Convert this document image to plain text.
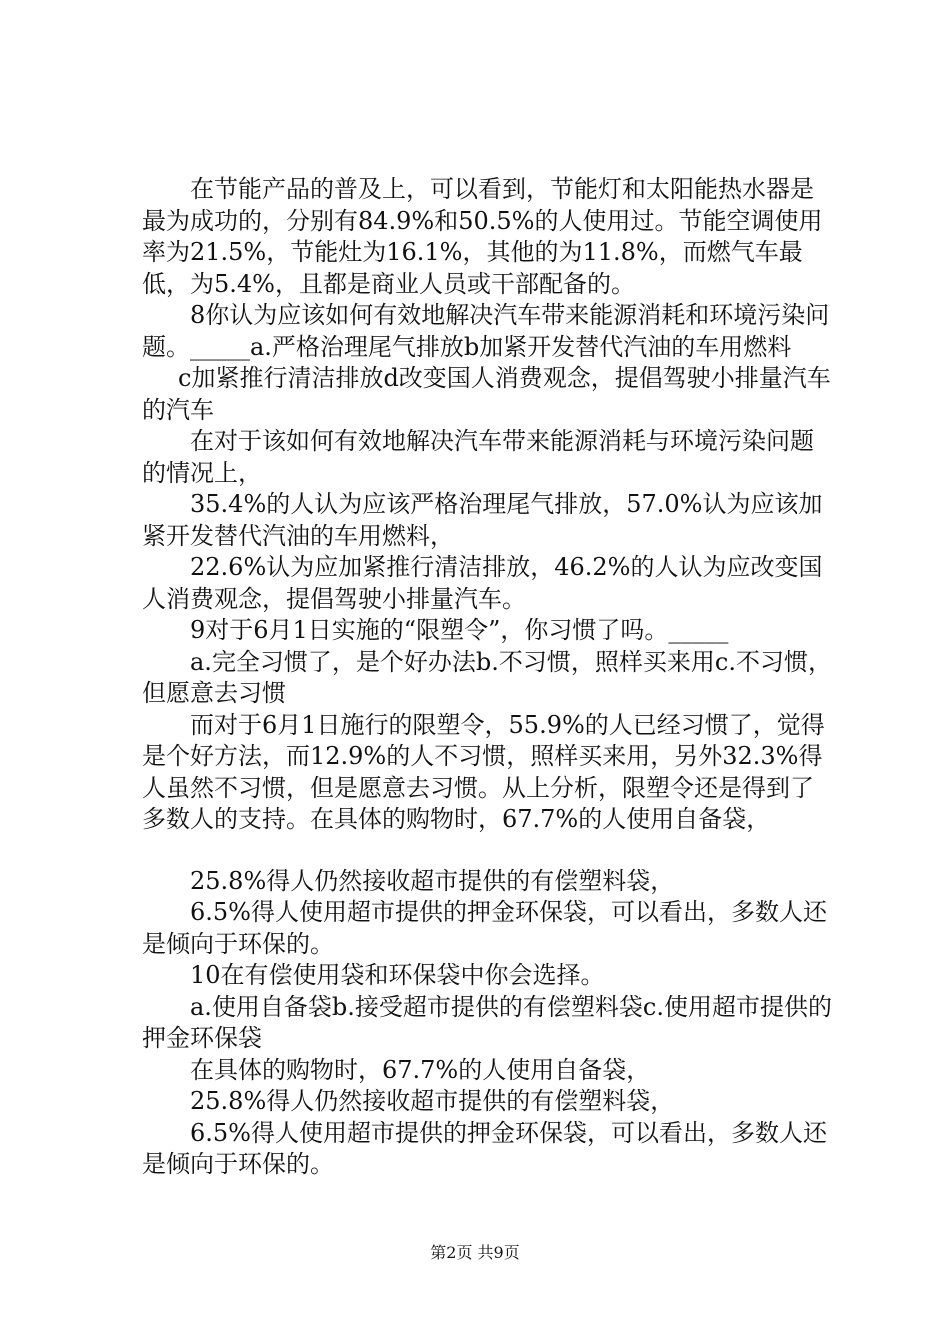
在节能产品的普及上，可以看到，节能灯和太阳能热水器是最为成功的，分别有84.9%和50.5%的人使用过。节能空调使用率为21.5%，节能灶为16.1%，其他的为11.8%，而燃气车最低，为5.4%，且都是商业人员或干部配备的。

8你认为应该如何有效地解决汽车带来能源消耗和环境污染问题。_____a.严格治理尾气排放b加紧开发替代汽油的车用燃料

c加紧推行清洁排放d改变国人消费观念，提倡驾驶小排量汽车的汽车

在对于该如何有效地解决汽车带来能源消耗与环境污染问题的情况上，

35.4%的人认为应该严格治理尾气排放，57.0%认为应该加紧开发替代汽油的车用燃料，

22.6%认为应加紧推行清洁排放，46.2%的人认为应改变国人消费观念，提倡驾驶小排量汽车。

9对于6月1日实施的“限塑令”，你习惯了吗。_____

a.完全习惯了，是个好办法b.不习惯，照样买来用c.不习惯，但愿意去习惯

而对于6月1日施行的限塑令，55.9%的人已经习惯了，觉得是个好方法，而12.9%的人不习惯，照样买来用，另外32.3%得人虽然不习惯，但是愿意去习惯。从上分析，限塑令还是得到了多数人的支持。在具体的购物时，67.7%的人使用自备袋，

25.8%得人仍然接收超市提供的有偿塑料袋，

6.5%得人使用超市提供的押金环保袋，可以看出，多数人还是倾向于环保的。

10在有偿使用袋和环保袋中你会选择。

a.使用自备袋b.接受超市提供的有偿塑料袋c.使用超市提供的押金环保袋

在具体的购物时，67.7%的人使用自备袋，

25.8%得人仍然接收超市提供的有偿塑料袋，

6.5%得人使用超市提供的押金环保袋，可以看出，多数人还是倾向于环保的。

第2页 共9页
